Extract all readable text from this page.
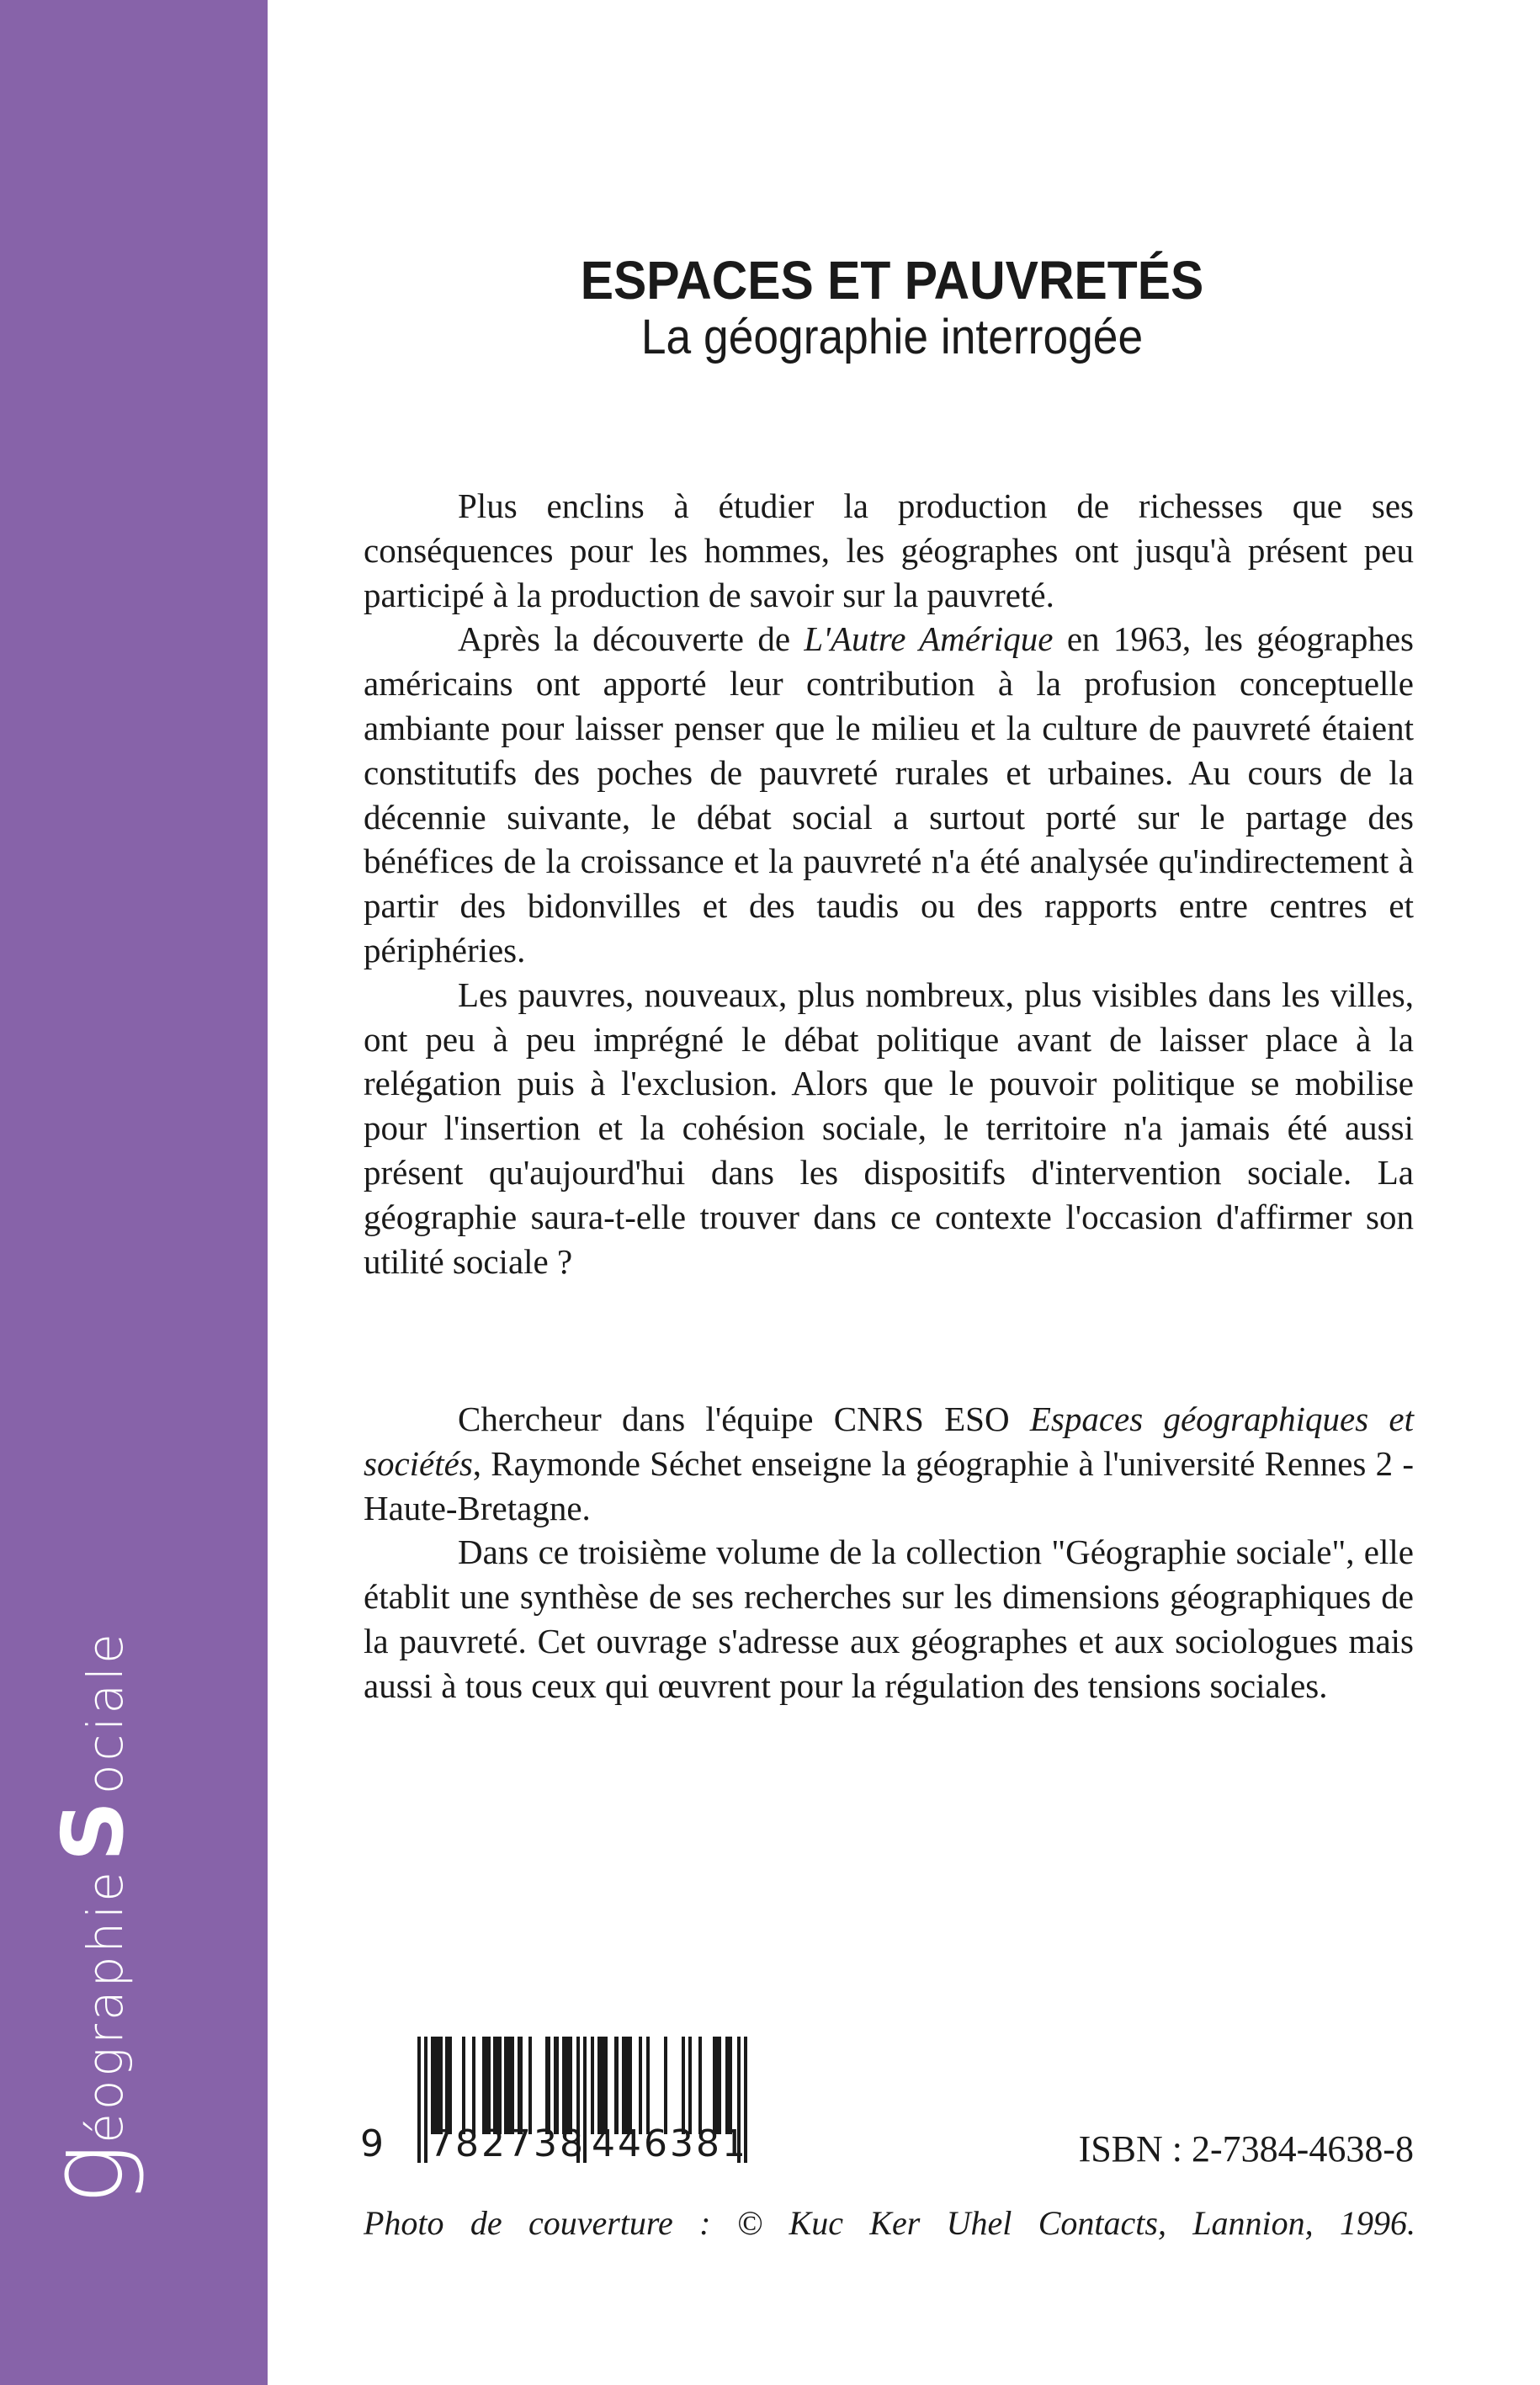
géographieSociale
ESPACES ET PAUVRETÉS
La géographie interrogée

Plus enclins à étudier la production de richesses que ses conséquences pour les hommes, les géographes ont jusqu'à présent peu participé à la production de savoir sur la pauvreté.

Après la découverte de L'Autre Amérique en 1963, les géographes américains ont apporté leur contribution à la profusion conceptuelle ambiante pour laisser penser que le milieu et la culture de pauvreté étaient constitutifs des poches de pauvreté rurales et urbaines. Au cours de la décennie suivante, le débat social a surtout porté sur le partage des bénéfices de la croissance et la pauvreté n'a été analysée qu'indirectement à partir des bidonvilles et des taudis ou des rapports entre centres et périphéries.

Les pauvres, nouveaux, plus nombreux, plus visibles dans les villes, ont peu à peu imprégné le débat politique avant de laisser place à la relégation puis à l'exclusion. Alors que le pouvoir politique se mobilise pour l'insertion et la cohésion sociale, le territoire n'a jamais été aussi présent qu'aujourd'hui dans les dispositifs d'intervention sociale. La géographie saura-t-elle trouver dans ce contexte l'occasion d'affirmer son utilité sociale ?

Chercheur dans l'équipe CNRS ESO Espaces géographiques et sociétés, Raymonde Séchet enseigne la géographie à l'université Rennes 2 - Haute-Bretagne.

Dans ce troisième volume de la collection "Géographie sociale", elle établit une synthèse de ses recherches sur les dimensions géographiques de la pauvreté. Cet ouvrage s'adresse aux géographes et aux sociologues mais aussi à tous ceux qui œuvrent pour la régulation des tensions sociales.

9 782738 446381	ISBN : 2-7384-4638-8
Photo de couverture : © Kuc Ker Uhel Contacts, Lannion, 1996.
